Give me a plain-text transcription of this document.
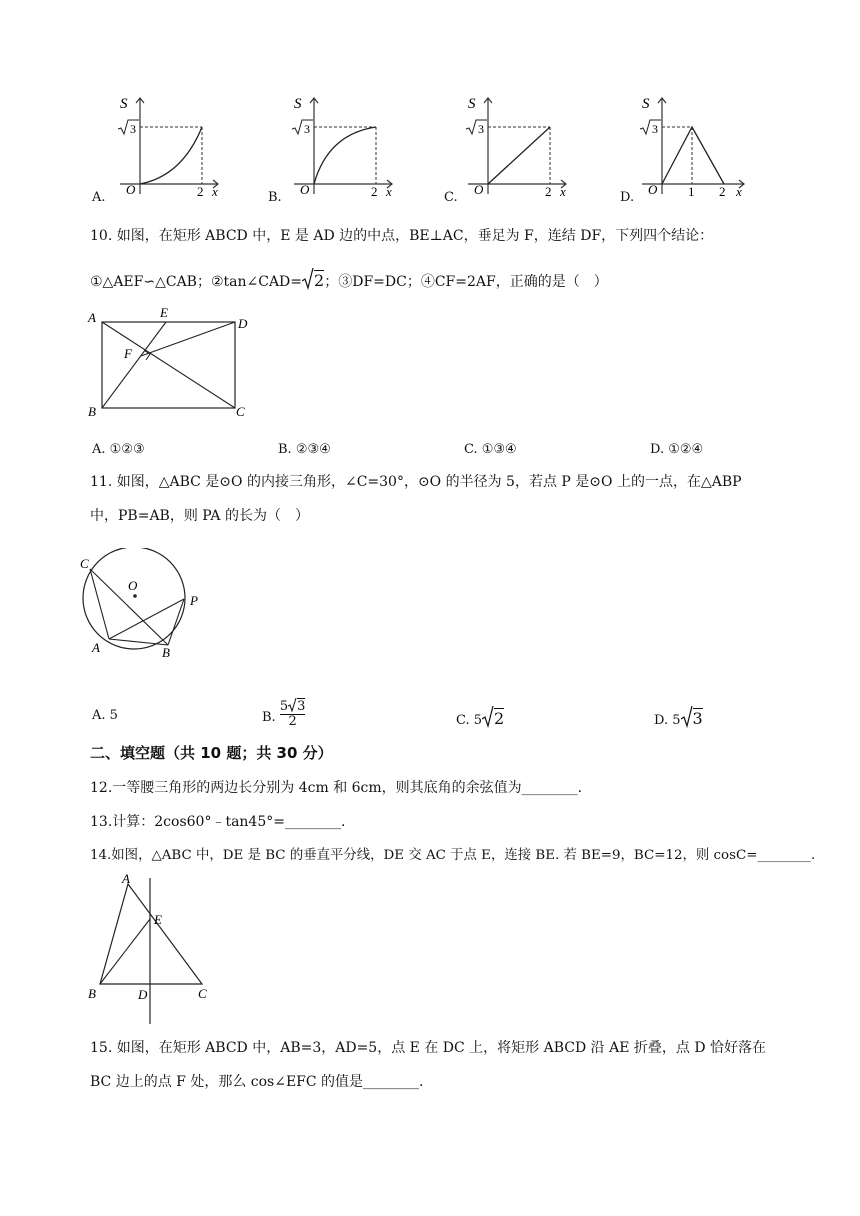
S
O	2 x
3
A.
S
O	2 x
3
B.
S
O	2 x
3
C.
S
O 1 2 x
3
D.
10. 如图，在矩形 ABCD 中，E 是 AD 边的中点，BE⊥AC，垂足为 F，连结 DF，下列四个结论：
①△AEF∽△CAB；②tan∠CAD= 2；③DF=DC；④CF=2AF，正确的是（　）
A	E
D
F
B	C
A. ①②③	B. ②③④	C. ①③④	D. ①②④
11. 如图，△ABC 是⊙O 的内接三角形，∠C=30°，⊙O 的半径为 5，若点 P 是⊙O 上的一点，在△ABP
中，PB=AB，则 PA 的长为（　）
C
O
P
A	B
A. 5	B. $\frac{5 3}{2}$	C. 5 2	D. 5 3
二、填空题（共 10 题；共 30 分）
12.一等腰三角形的两边长分别为 4cm 和 6cm，则其底角的余弦值为________.
13.计算：2cos60°﹣tan45°=________.
14.如图，△ABC 中，DE 是 BC 的垂直平分线，DE 交 AC 于点 E，连接 BE. 若 BE=9，BC=12，则 cosC=________.
A
E
B	D	C
15. 如图，在矩形 ABCD 中，AB=3，AD=5，点 E 在 DC 上，将矩形 ABCD 沿 AE 折叠，点 D 恰好落在
BC 边上的点 F 处，那么 cos∠EFC 的值是________.
